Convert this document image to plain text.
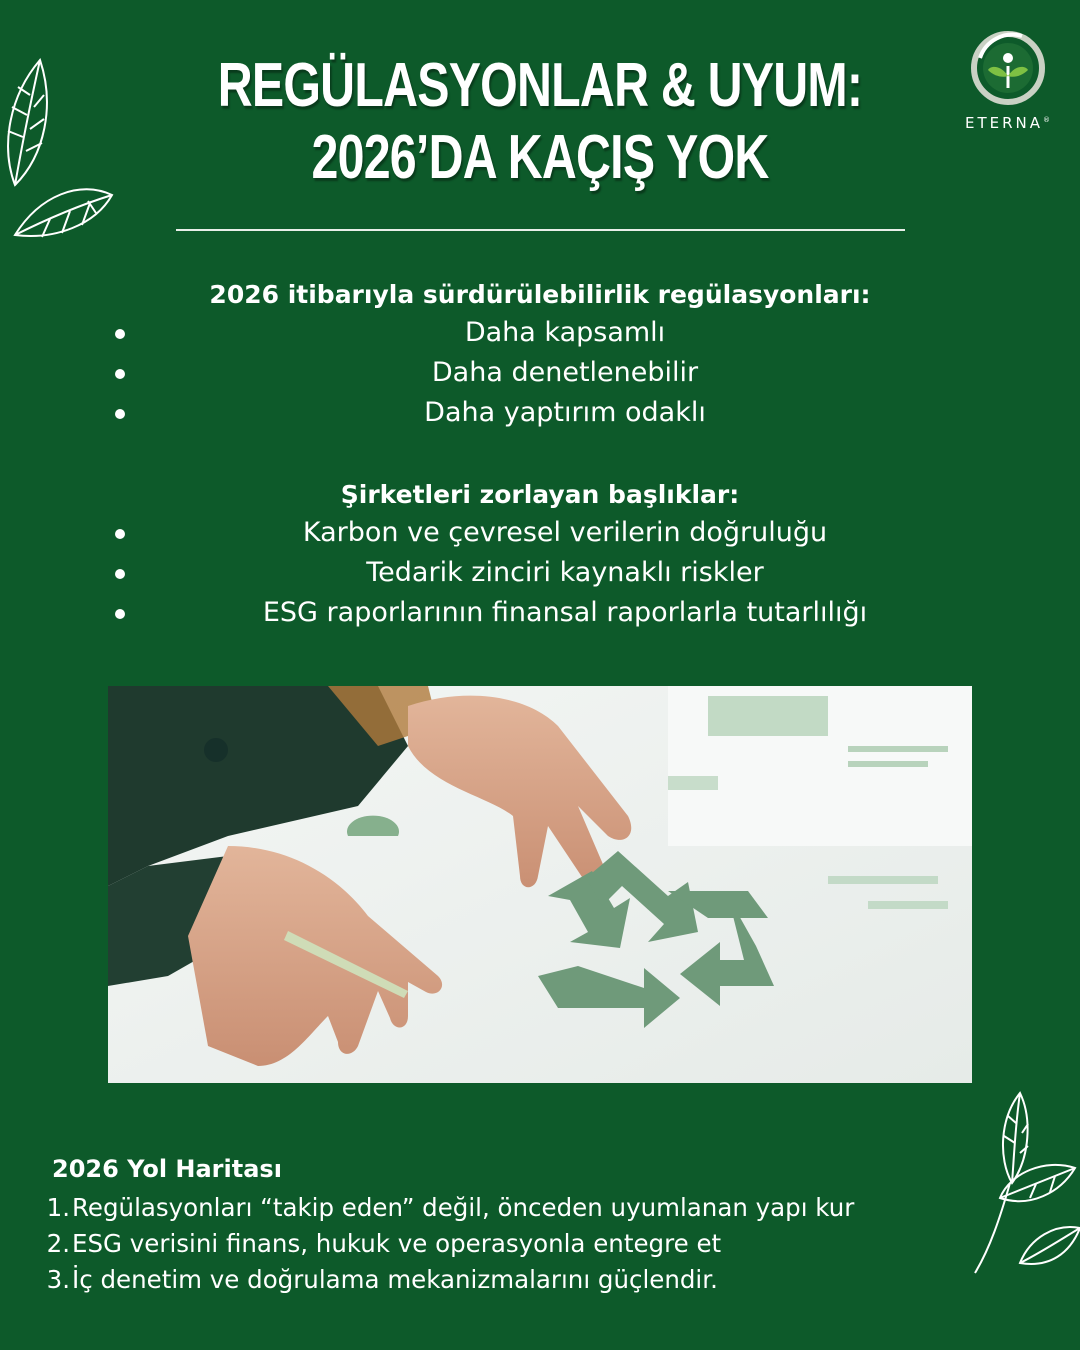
REGÜLASYONLAR & UYUM:
2026’DA KAÇIŞ YOK	ETERNA®
2026 itibarıyla sürdürülebilirlik regülasyonları:
Daha kapsamlı
Daha denetlenebilir
Daha yaptırım odaklı
Şirketleri zorlayan başlıklar:
Karbon ve çevresel verilerin doğruluğu
Tedarik zinciri kaynaklı riskler
ESG raporlarının finansal raporlarla tutarlılığı
2026 Yol Haritası
1.Regülasyonları “takip eden” değil, önceden uyumlanan yapı kur
2.ESG verisini finans, hukuk ve operasyonla entegre et
3.İç denetim ve doğrulama mekanizmalarını güçlendir.
